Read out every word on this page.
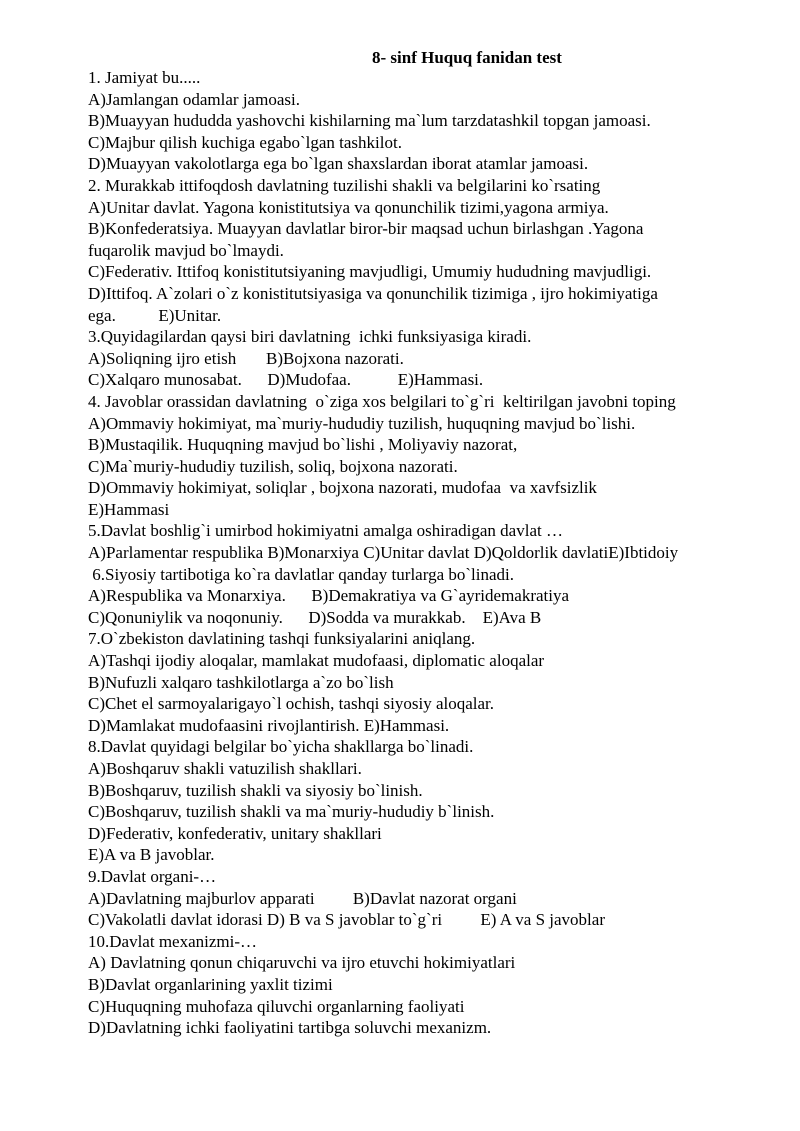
8- sinf Huquq fanidan test
1. Jamiyat bu.....
A)Jamlangan odamlar jamoasi.
B)Muayyan hududda yashovchi kishilarning ma`lum tarzdatashkil topgan jamoasi.
C)Majbur qilish kuchiga egabo`lgan tashkilot.
D)Muayyan vakolotlarga ega bo`lgan shaxslardan iborat atamlar jamoasi.
2. Murakkab ittifoqdosh davlatning tuzilishi shakli va belgilarini ko`rsating
A)Unitar davlat. Yagona konistitutsiya va qonunchilik tizimi,yagona armiya.
B)Konfederatsiya. Muayyan davlatlar biror-bir maqsad uchun birlashgan .Yagona
fuqarolik mavjud bo`lmaydi.
C)Federativ. Ittifoq konistitutsiyaning mavjudligi, Umumiy hududning mavjudligi.
D)Ittifoq. A`zolari o`z konistitutsiyasiga va qonunchilik tizimiga , ijro hokimiyatiga
ega.          E)Unitar.
3.Quyidagilardan qaysi biri davlatning  ichki funksiyasiga kiradi.
A)Soliqning ijro etish       B)Bojxona nazorati.
C)Xalqaro munosabat.      D)Mudofaa.           E)Hammasi.
4. Javoblar orassidan davlatning  o`ziga xos belgilari to`g`ri  keltirilgan javobni toping
A)Ommaviy hokimiyat, ma`muriy-hududiy tuzilish, huquqning mavjud bo`lishi.
B)Mustaqilik. Huquqning mavjud bo`lishi , Moliyaviy nazorat,
C)Ma`muriy-hududiy tuzilish, soliq, bojxona nazorati.
D)Ommaviy hokimiyat, soliqlar , bojxona nazorati, mudofaa  va xavfsizlik
E)Hammasi
5.Davlat boshlig`i umirbod hokimiyatni amalga oshiradigan davlat …
A)Parlamentar respublika B)Monarxiya C)Unitar davlat D)Qoldorlik davlatiE)Ibtidoiy
6.Siyosiy tartibotiga ko`ra davlatlar qanday turlarga bo`linadi.
A)Respublika va Monarxiya.      B)Demakratiya va G`ayridemakratiya
C)Qonuniylik va noqonuniy.      D)Sodda va murakkab.    E)Ava B
7.O`zbekiston davlatining tashqi funksiyalarini aniqlang.
A)Tashqi ijodiy aloqalar, mamlakat mudofaasi, diplomatic aloqalar
B)Nufuzli xalqaro tashkilotlarga a`zo bo`lish
C)Chet el sarmoyalarigayo`l ochish, tashqi siyosiy aloqalar.
D)Mamlakat mudofaasini rivojlantirish. E)Hammasi.
8.Davlat quyidagi belgilar bo`yicha shakllarga bo`linadi.
A)Boshqaruv shakli vatuzilish shakllari.
B)Boshqaruv, tuzilish shakli va siyosiy bo`linish.
C)Boshqaruv, tuzilish shakli va ma`muriy-hududiy b`linish.
D)Federativ, konfederativ, unitary shakllari
E)A va B javoblar.
9.Davlat organi-…
A)Davlatning majburlov apparati         B)Davlat nazorat organi
C)Vakolatli davlat idorasi D) B va S javoblar to`g`ri         E) A va S javoblar
10.Davlat mexanizmi-…
A) Davlatning qonun chiqaruvchi va ijro etuvchi hokimiyatlari
B)Davlat organlarining yaxlit tizimi
C)Huquqning muhofaza qiluvchi organlarning faoliyati
D)Davlatning ichki faoliyatini tartibga soluvchi mexanizm.
